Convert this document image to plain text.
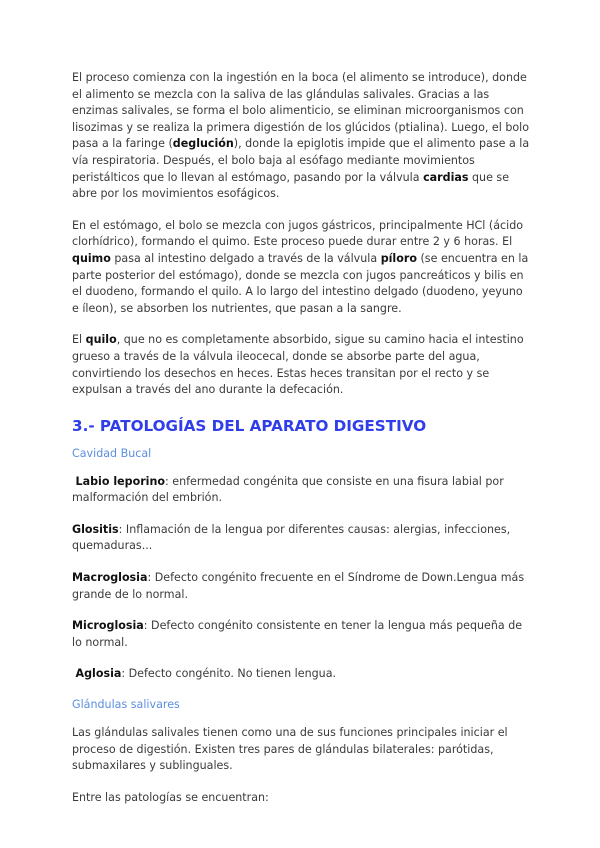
El proceso comienza con la ingestión en la boca (el alimento se introduce), donde el alimento se mezcla con la saliva de las glándulas salivales. Gracias a las enzimas salivales, se forma el bolo alimenticio, se eliminan microorganismos con lisozimas y se realiza la primera digestión de los glúcidos (ptialina). Luego, el bolo pasa a la faringe (deglución), donde la epiglotis impide que el alimento pase a la vía respiratoria. Después, el bolo baja al esófago mediante movimientos peristálticos que lo llevan al estómago, pasando por la válvula cardias que se abre por los movimientos esofágicos.

En el estómago, el bolo se mezcla con jugos gástricos, principalmente HCl (ácido clorhídrico), formando el quimo. Este proceso puede durar entre 2 y 6 horas. El quimo pasa al intestino delgado a través de la válvula píloro (se encuentra en la parte posterior del estómago), donde se mezcla con jugos pancreáticos y bilis en el duodeno, formando el quilo. A lo largo del intestino delgado (duodeno, yeyuno e íleon), se absorben los nutrientes, que pasan a la sangre.

El quilo, que no es completamente absorbido, sigue su camino hacia el intestino grueso a través de la válvula ileocecal, donde se absorbe parte del agua, convirtiendo los desechos en heces. Estas heces transitan por el recto y se expulsan a través del ano durante la defecación.

3.- PATOLOGÍAS DEL APARATO DIGESTIVO
Cavidad Bucal

Labio leporino: enfermedad congénita que consiste en una fisura labial por malformación del embrión.

Glositis: Inflamación de la lengua por diferentes causas: alergias, infecciones, quemaduras...

Macroglosia: Defecto congénito frecuente en el Síndrome de Down.Lengua más grande de lo normal.

Microglosia: Defecto congénito consistente en tener la lengua más pequeña de lo normal.

Aglosia: Defecto congénito. No tienen lengua.

Glándulas salivares

Las glándulas salivales tienen como una de sus funciones principales iniciar el proceso de digestión. Existen tres pares de glándulas bilaterales: parótidas, submaxilares y sublinguales.

Entre las patologías se encuentran:
